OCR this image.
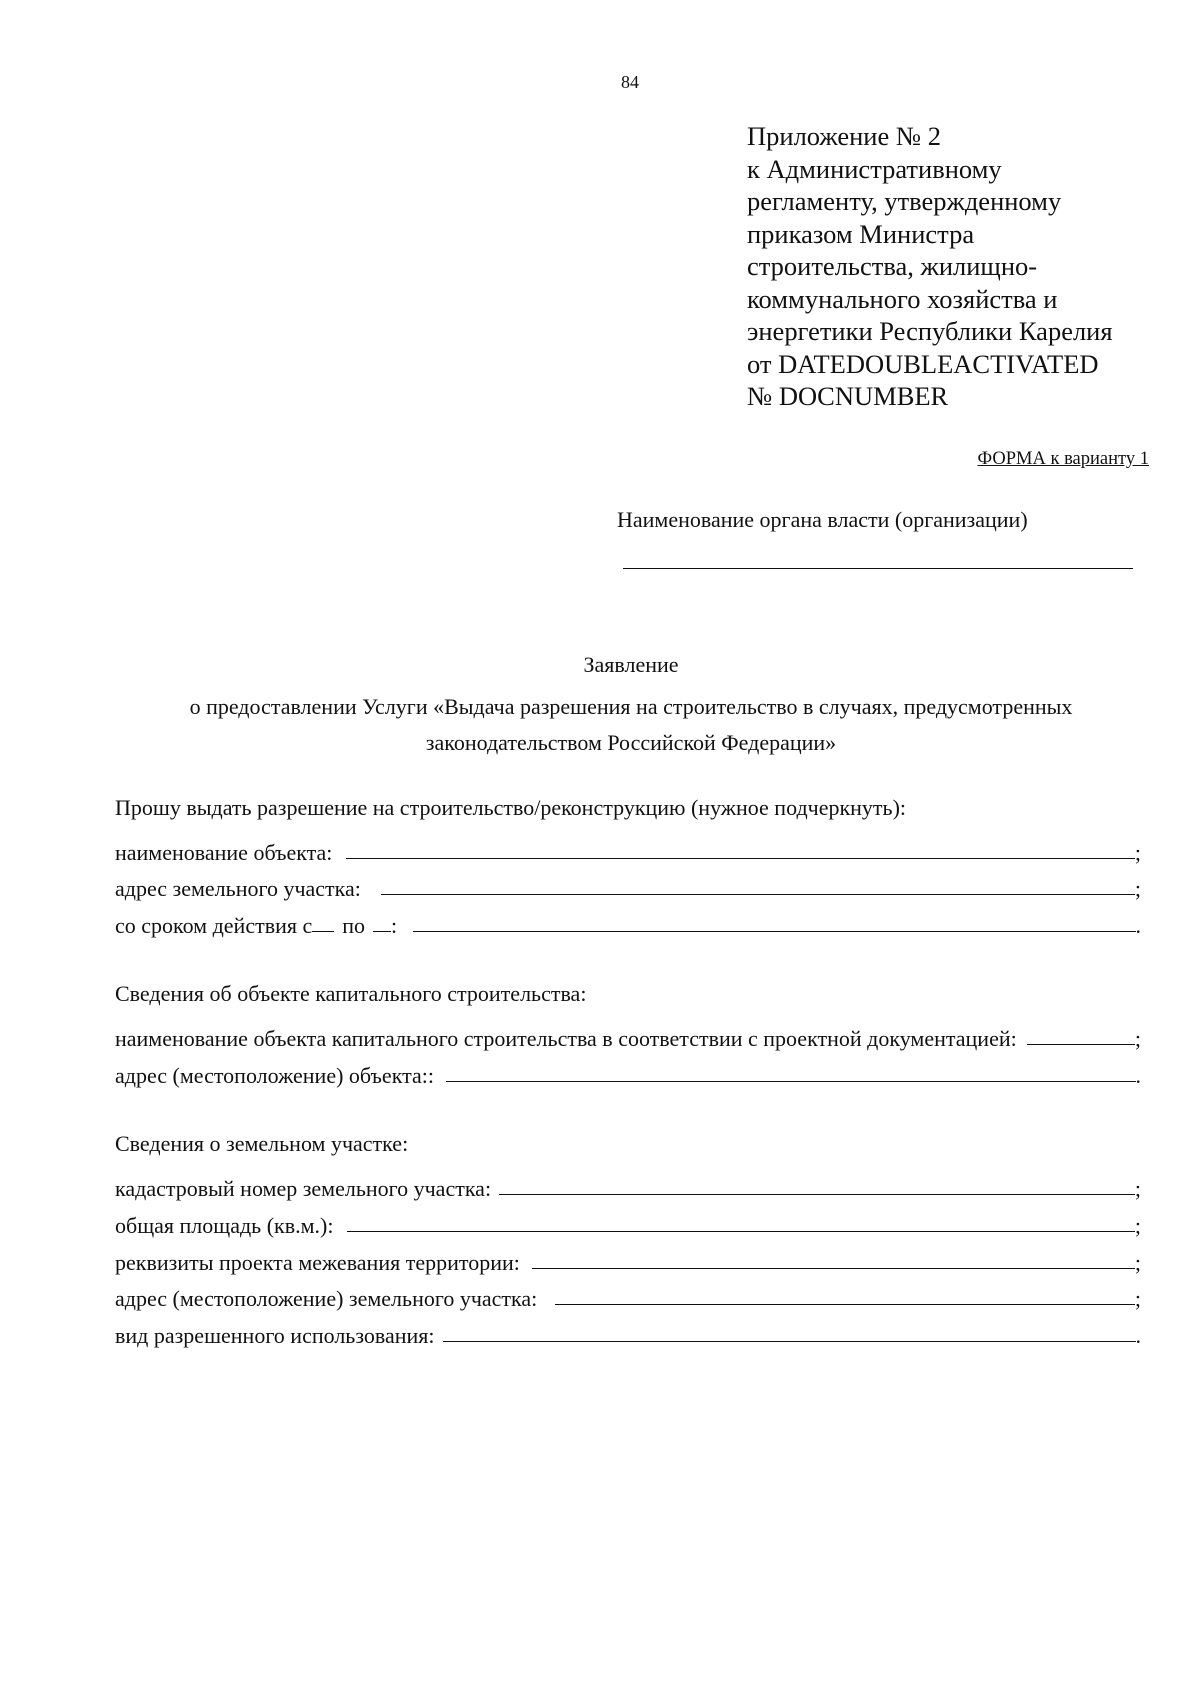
84
Приложение № 2
к Административному
регламенту, утвержденному
приказом Министра
строительства, жилищно-
коммунального хозяйства и
энергетики Республики Карелия
от DATEDOUBLEACTIVATED
№ DOCNUMBER
ФОРМА к варианту 1
Наименование органа власти (организации)
Заявление
о предоставлении Услуги «Выдача разрешения на строительство в случаях, предусмотренных законодательством Российской Федерации»
Прошу выдать разрешение на строительство/реконструкцию (нужное подчеркнуть):
наименование объекта:	;
адрес земельного участка:	;
со сроком действия с по :	.
Сведения об объекте капитального строительства:
наименование объекта капитального строительства в соответствии с проектной документацией:	;
адрес (местоположение) объекта::	.
Сведения о земельном участке:
кадастровый номер земельного участка:	;
общая площадь (кв.м.):	;
реквизиты проекта межевания территории:	;
адрес (местоположение) земельного участка:	;
вид разрешенного использования:	.
